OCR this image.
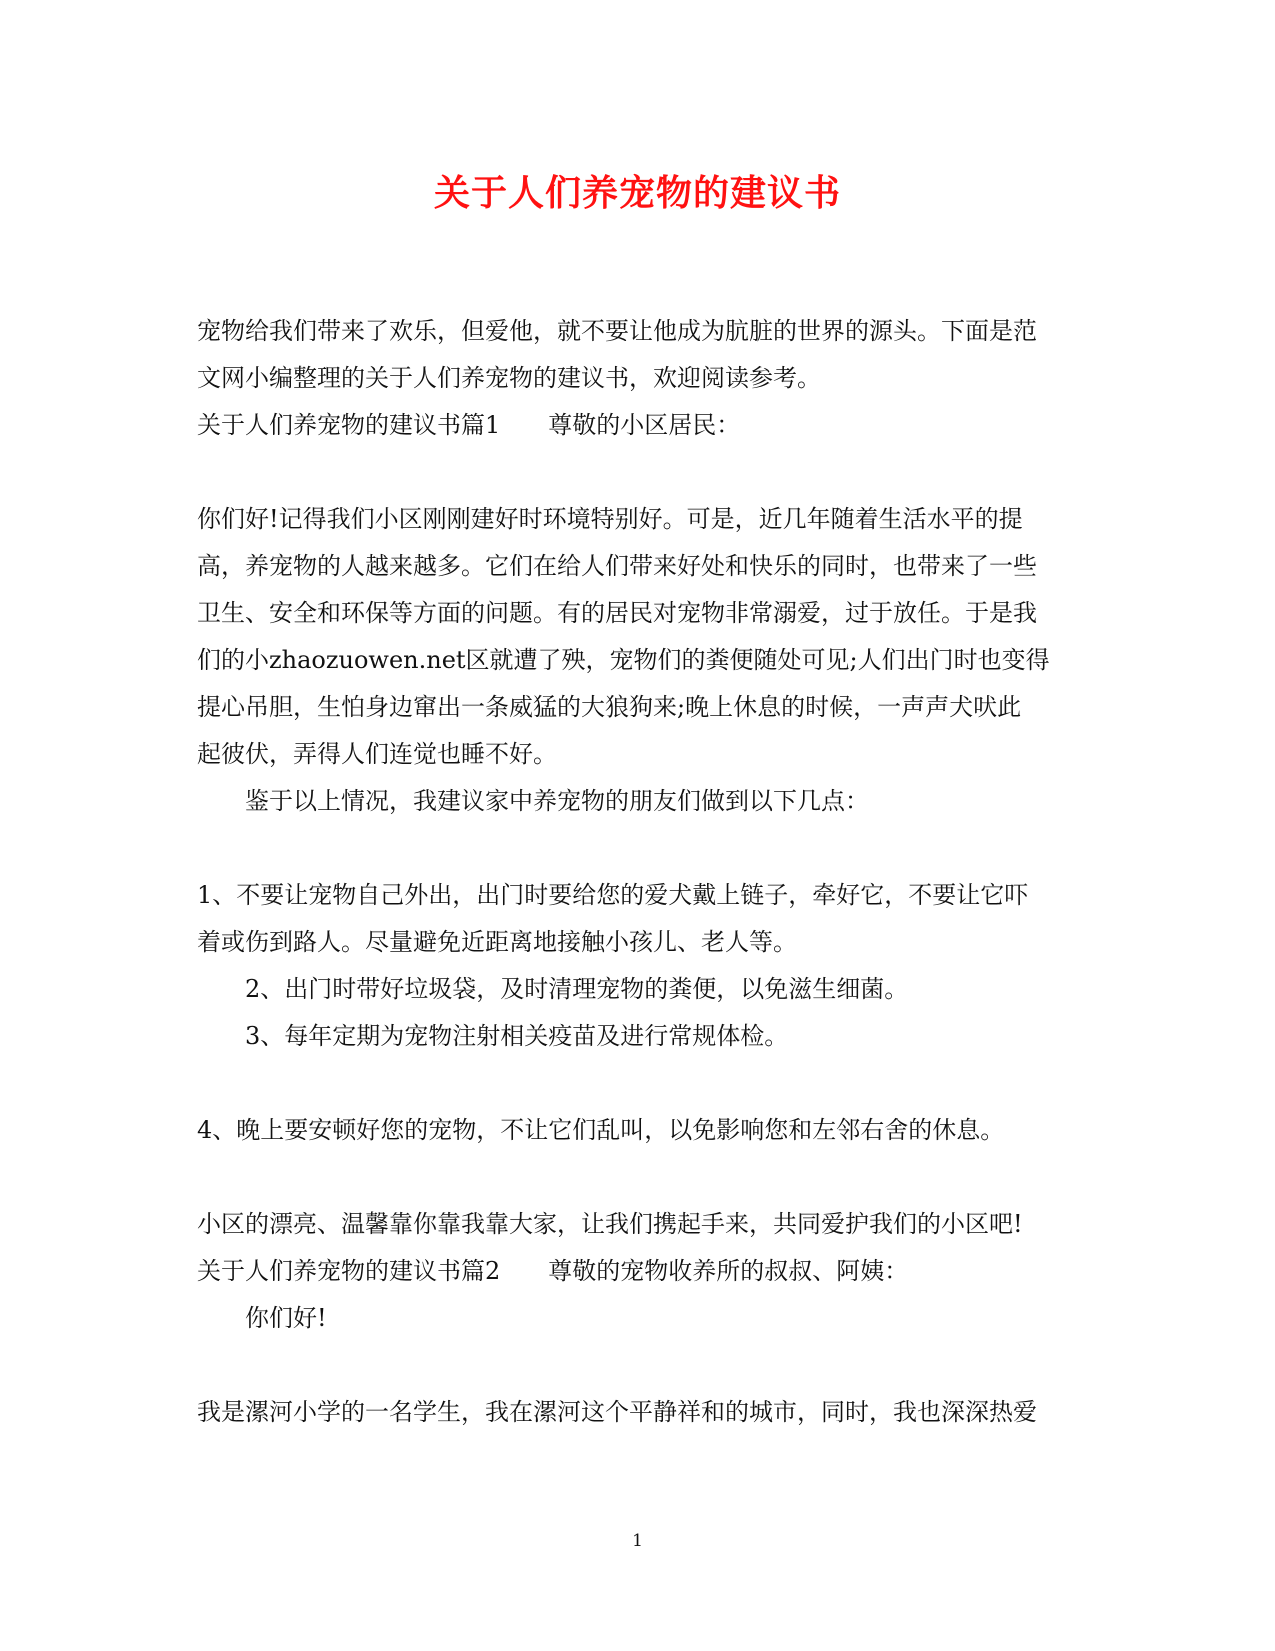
关于人们养宠物的建议书
宠物给我们带来了欢乐，但爱他，就不要让他成为肮脏的世界的源头。下面是范
文网小编整理的关于人们养宠物的建议书，欢迎阅读参考。
关于人们养宠物的建议书篇1　　尊敬的小区居民：
你们好!记得我们小区刚刚建好时环境特别好。可是，近几年随着生活水平的提
高，养宠物的人越来越多。它们在给人们带来好处和快乐的同时，也带来了一些
卫生、安全和环保等方面的问题。有的居民对宠物非常溺爱，过于放任。于是我
们的小zhaozuowen.net区就遭了殃，宠物们的粪便随处可见;人们出门时也变得
提心吊胆，生怕身边窜出一条威猛的大狼狗来;晚上休息的时候，一声声犬吠此
起彼伏，弄得人们连觉也睡不好。
　　鉴于以上情况，我建议家中养宠物的朋友们做到以下几点：
1、不要让宠物自己外出，出门时要给您的爱犬戴上链子，牵好它，不要让它吓
着或伤到路人。尽量避免近距离地接触小孩儿、老人等。
　　2、出门时带好垃圾袋，及时清理宠物的粪便，以免滋生细菌。
　　3、每年定期为宠物注射相关疫苗及进行常规体检。
4、晚上要安顿好您的宠物，不让它们乱叫，以免影响您和左邻右舍的休息。
小区的漂亮、温馨靠你靠我靠大家，让我们携起手来，共同爱护我们的小区吧!
关于人们养宠物的建议书篇2　　尊敬的宠物收养所的叔叔、阿姨：
　　你们好!
我是漯河小学的一名学生，我在漯河这个平静祥和的城市，同时，我也深深热爱
1
